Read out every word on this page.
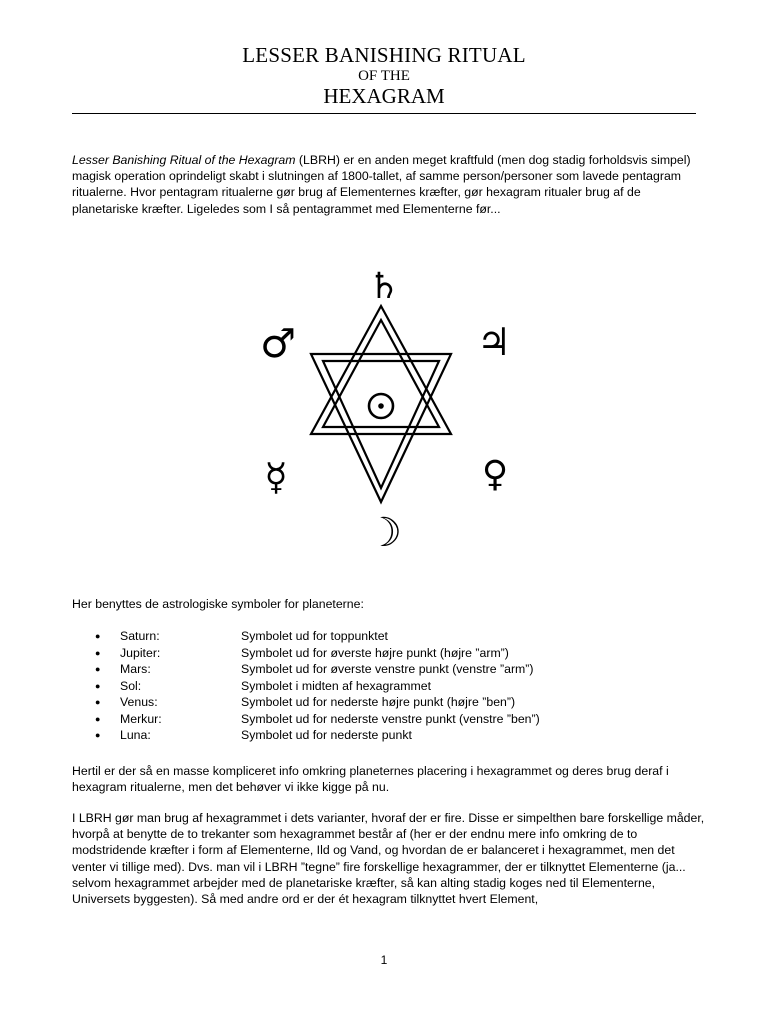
LESSER BANISHING RITUAL
OF THE
HEXAGRAM

Lesser Banishing Ritual of the Hexagram (LBRH) er en anden meget kraftfuld (men dog stadig forholdsvis simpel) magisk operation oprindeligt skabt i slutningen af 1800-tallet, af samme person/personer som lavede pentagram ritualerne. Hvor pentagram ritualerne gør brug af Elementernes kræfter, gør hexagram ritualer brug af de planetariske kræfter. Ligeledes som I så pentagrammet med Elementerne før...

♄
♃
♂
☿	♀
☽

Her benyttes de astrologiske symboler for planeterne:

● Saturn:	Symbolet ud for toppunktet
● Jupiter:	Symbolet ud for øverste højre punkt (højre ”arm”)
● Mars:	Symbolet ud for øverste venstre punkt (venstre ”arm”)
● Sol:	Symbolet i midten af hexagrammet
● Venus:	Symbolet ud for nederste højre punkt (højre ”ben”)
● Merkur:	Symbolet ud for nederste venstre punkt (venstre ”ben”)
● Luna:	Symbolet ud for nederste punkt

Hertil er der så en masse kompliceret info omkring planeternes placering i hexagrammet og deres brug deraf i hexagram ritualerne, men det behøver vi ikke kigge på nu.

I LBRH gør man brug af hexagrammet i dets varianter, hvoraf der er fire. Disse er simpelthen bare forskellige måder, hvorpå at benytte de to trekanter som hexagrammet består af (her er der endnu mere info omkring de to modstridende kræfter i form af Elementerne, Ild og Vand, og hvordan de er balanceret i hexagrammet, men det venter vi tillige med). Dvs. man vil i LBRH ”tegne” fire forskellige hexagrammer, der er tilknyttet Elementerne (ja... selvom hexagrammet arbejder med de planetariske kræfter, så kan alting stadig koges ned til Elementerne, Universets byggesten). Så med andre ord er der ét hexagram tilknyttet hvert Element,

1
